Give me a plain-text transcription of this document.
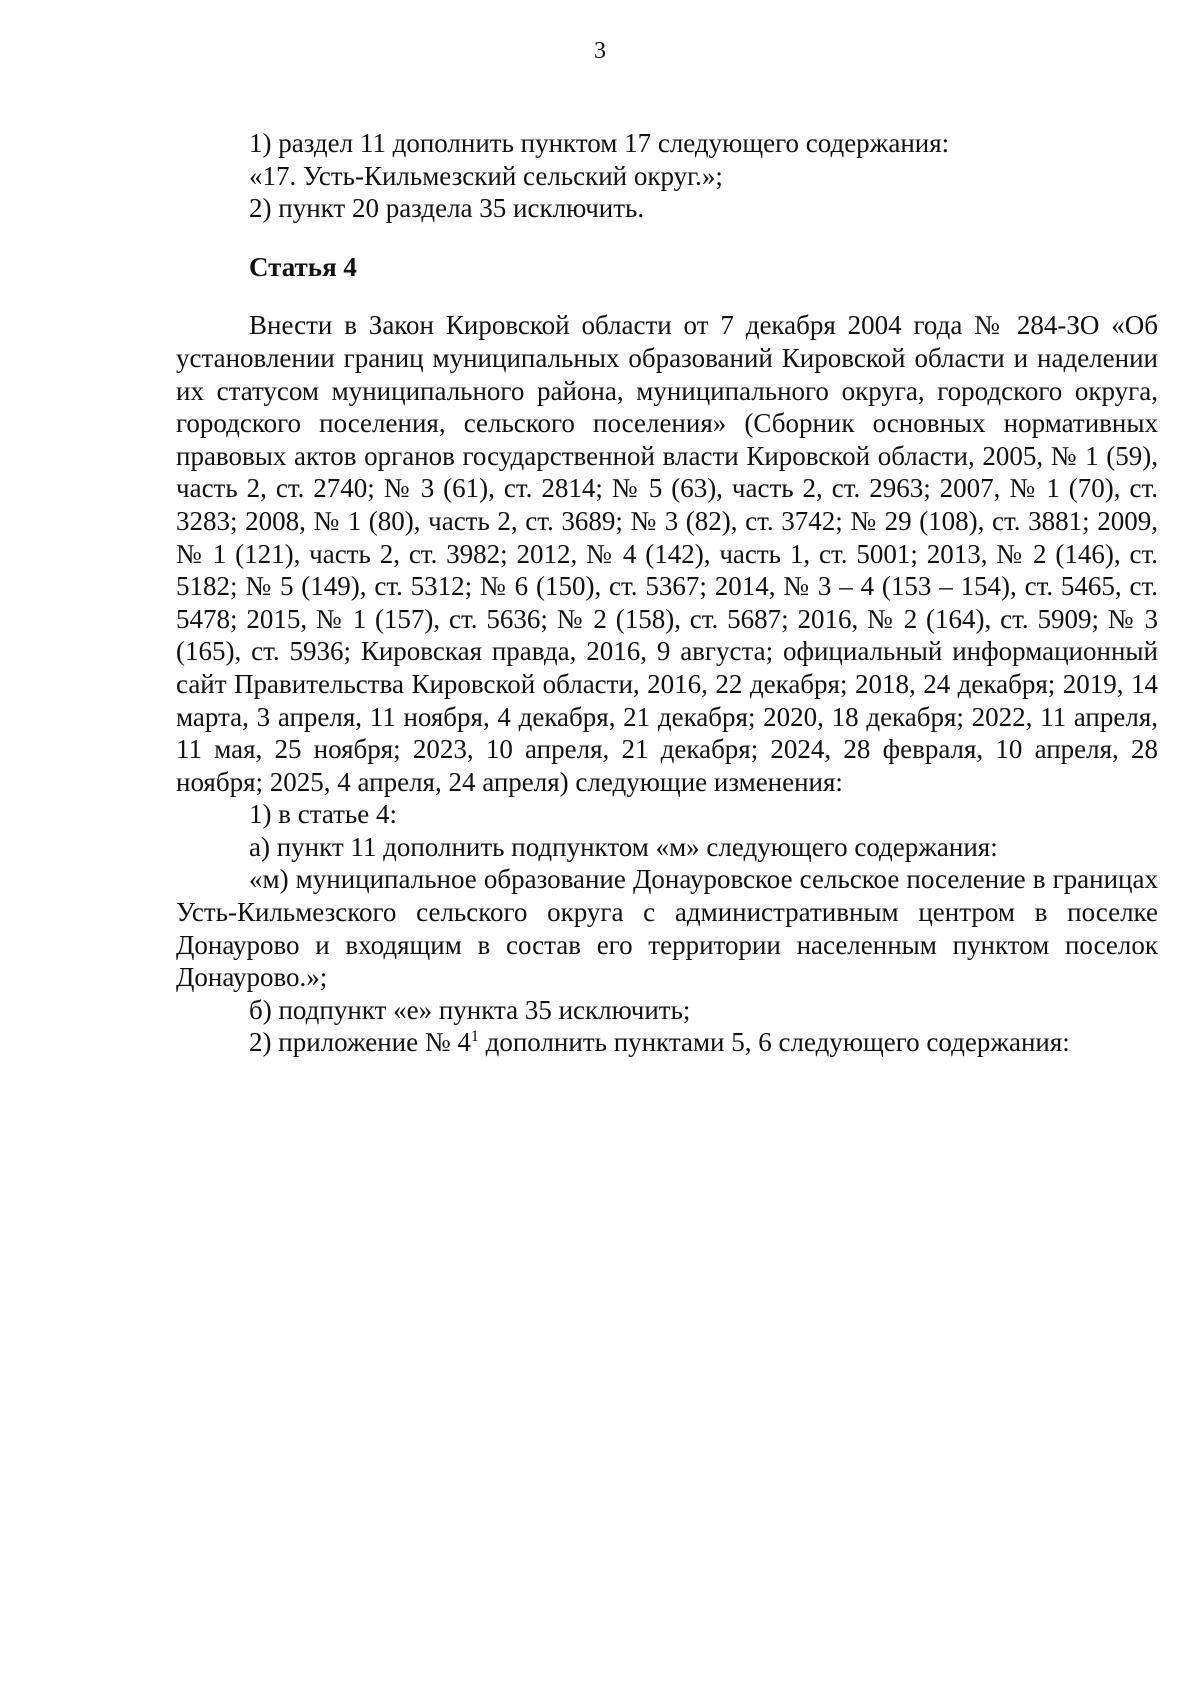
3

1) раздел 11 дополнить пунктом 17 следующего содержания:

«17. Усть-Кильмезский сельский округ.»;

2) пункт 20 раздела 35 исключить.

Статья 4

Внести в Закон Кировской области от 7 декабря 2004 года № 284-ЗО «Об установлении границ муниципальных образований Кировской области и наделении их статусом муниципального района, муниципального округа, городского округа, городского поселения, сельского поселения» (Сборник основных нормативных правовых актов органов государственной власти Кировской области, 2005, № 1 (59), часть 2, ст. 2740; № 3 (61), ст. 2814; № 5 (63), часть 2, ст. 2963; 2007, № 1 (70), ст. 3283; 2008, № 1 (80), часть 2, ст. 3689; № 3 (82), ст. 3742; № 29 (108), ст. 3881; 2009, № 1 (121), часть 2, ст. 3982; 2012, № 4 (142), часть 1, ст. 5001; 2013, № 2 (146), ст. 5182; № 5 (149), ст. 5312; № 6 (150), ст. 5367; 2014, № 3 – 4 (153 – 154), ст. 5465, ст. 5478; 2015, № 1 (157), ст. 5636; № 2 (158), ст. 5687; 2016, № 2 (164), ст. 5909; № 3 (165), ст. 5936; Кировская правда, 2016, 9 августа; официальный информационный сайт Правительства Кировской области, 2016, 22 декабря; 2018, 24 декабря; 2019, 14 марта, 3 апреля, 11 ноября, 4 декабря, 21 декабря; 2020, 18 декабря; 2022, 11 апреля, 11 мая, 25 ноября; 2023, 10 апреля, 21 декабря; 2024, 28 февраля, 10 апреля, 28 ноября; 2025, 4 апреля, 24 апреля) следующие изменения:

1) в статье 4:

а) пункт 11 дополнить подпунктом «м» следующего содержания:

«м) муниципальное образование Донауровское сельское поселение в границах Усть-Кильмезского сельского округа с административным центром в поселке Донаурово и входящим в состав его территории населенным пунктом поселок Донаурово.»;

б) подпункт «е» пункта 35 исключить;

2) приложение № $4^1$ дополнить пунктами 5, 6 следующего содержания:
